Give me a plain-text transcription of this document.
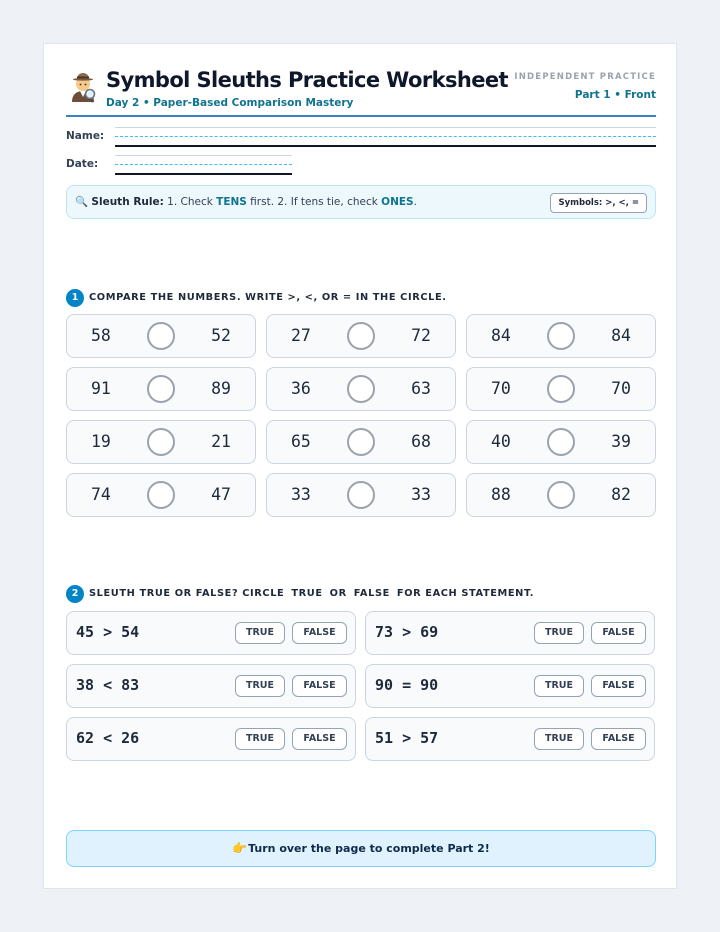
Symbol Sleuths Practice Worksheet
Day 2 • Paper-Based Comparison Mastery
INDEPENDENT PRACTICE
Part 1 • Front
Name:
Date:
🔍 Sleuth Rule: 1. Check TENS first. 2. If tens tie, check ONES.	Symbols: >, <, =
1	COMPARE THE NUMBERS. WRITE >, <, OR = IN THE CIRCLE.
58	52	27	72	84	84
91	89	36	63	70	70
19	21	65	68	40	39
74	47	33	33	88	82
2	SLEUTH TRUE OR FALSE? CIRCLE TRUE OR FALSE FOR EACH STATEMENT.
45 > 54	TRUE	FALSE	73 > 69	TRUE	FALSE
38 < 83	TRUE	FALSE	90 = 90	TRUE	FALSE
62 < 26	TRUE	FALSE	51 > 57	TRUE	FALSE
👉Turn over the page to complete Part 2!
